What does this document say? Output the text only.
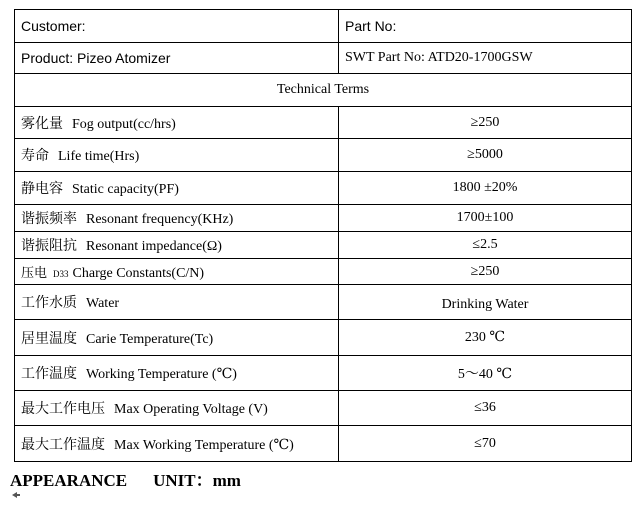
Customer:	Part No:
Product: Pizeo Atomizer	SWT Part No: ATD20-1700GSW
Technical Terms	
雾化量 Fog output(cc/hrs)	≥250
寿命 Life time(Hrs)	≥5000
静电容 Static capacity(PF)	1800 ±20%
谐振频率 Resonant frequency(KHz)	1700±100
谐振阻抗 Resonant impedance(Ω)	≤2.5
压电 D33 Charge Constants(C/N)	≥250
工作水质 Water	Drinking Water
居里温度 Carie Temperature(Tc)	230 ℃
工作温度 Working Temperature (℃)	5～40 ℃
最大工作电压 Max Operating Voltage (V)	≤36
最大工作温度 Max Working Temperature (℃)	≤70
APPEARANCE UNIT：mm
